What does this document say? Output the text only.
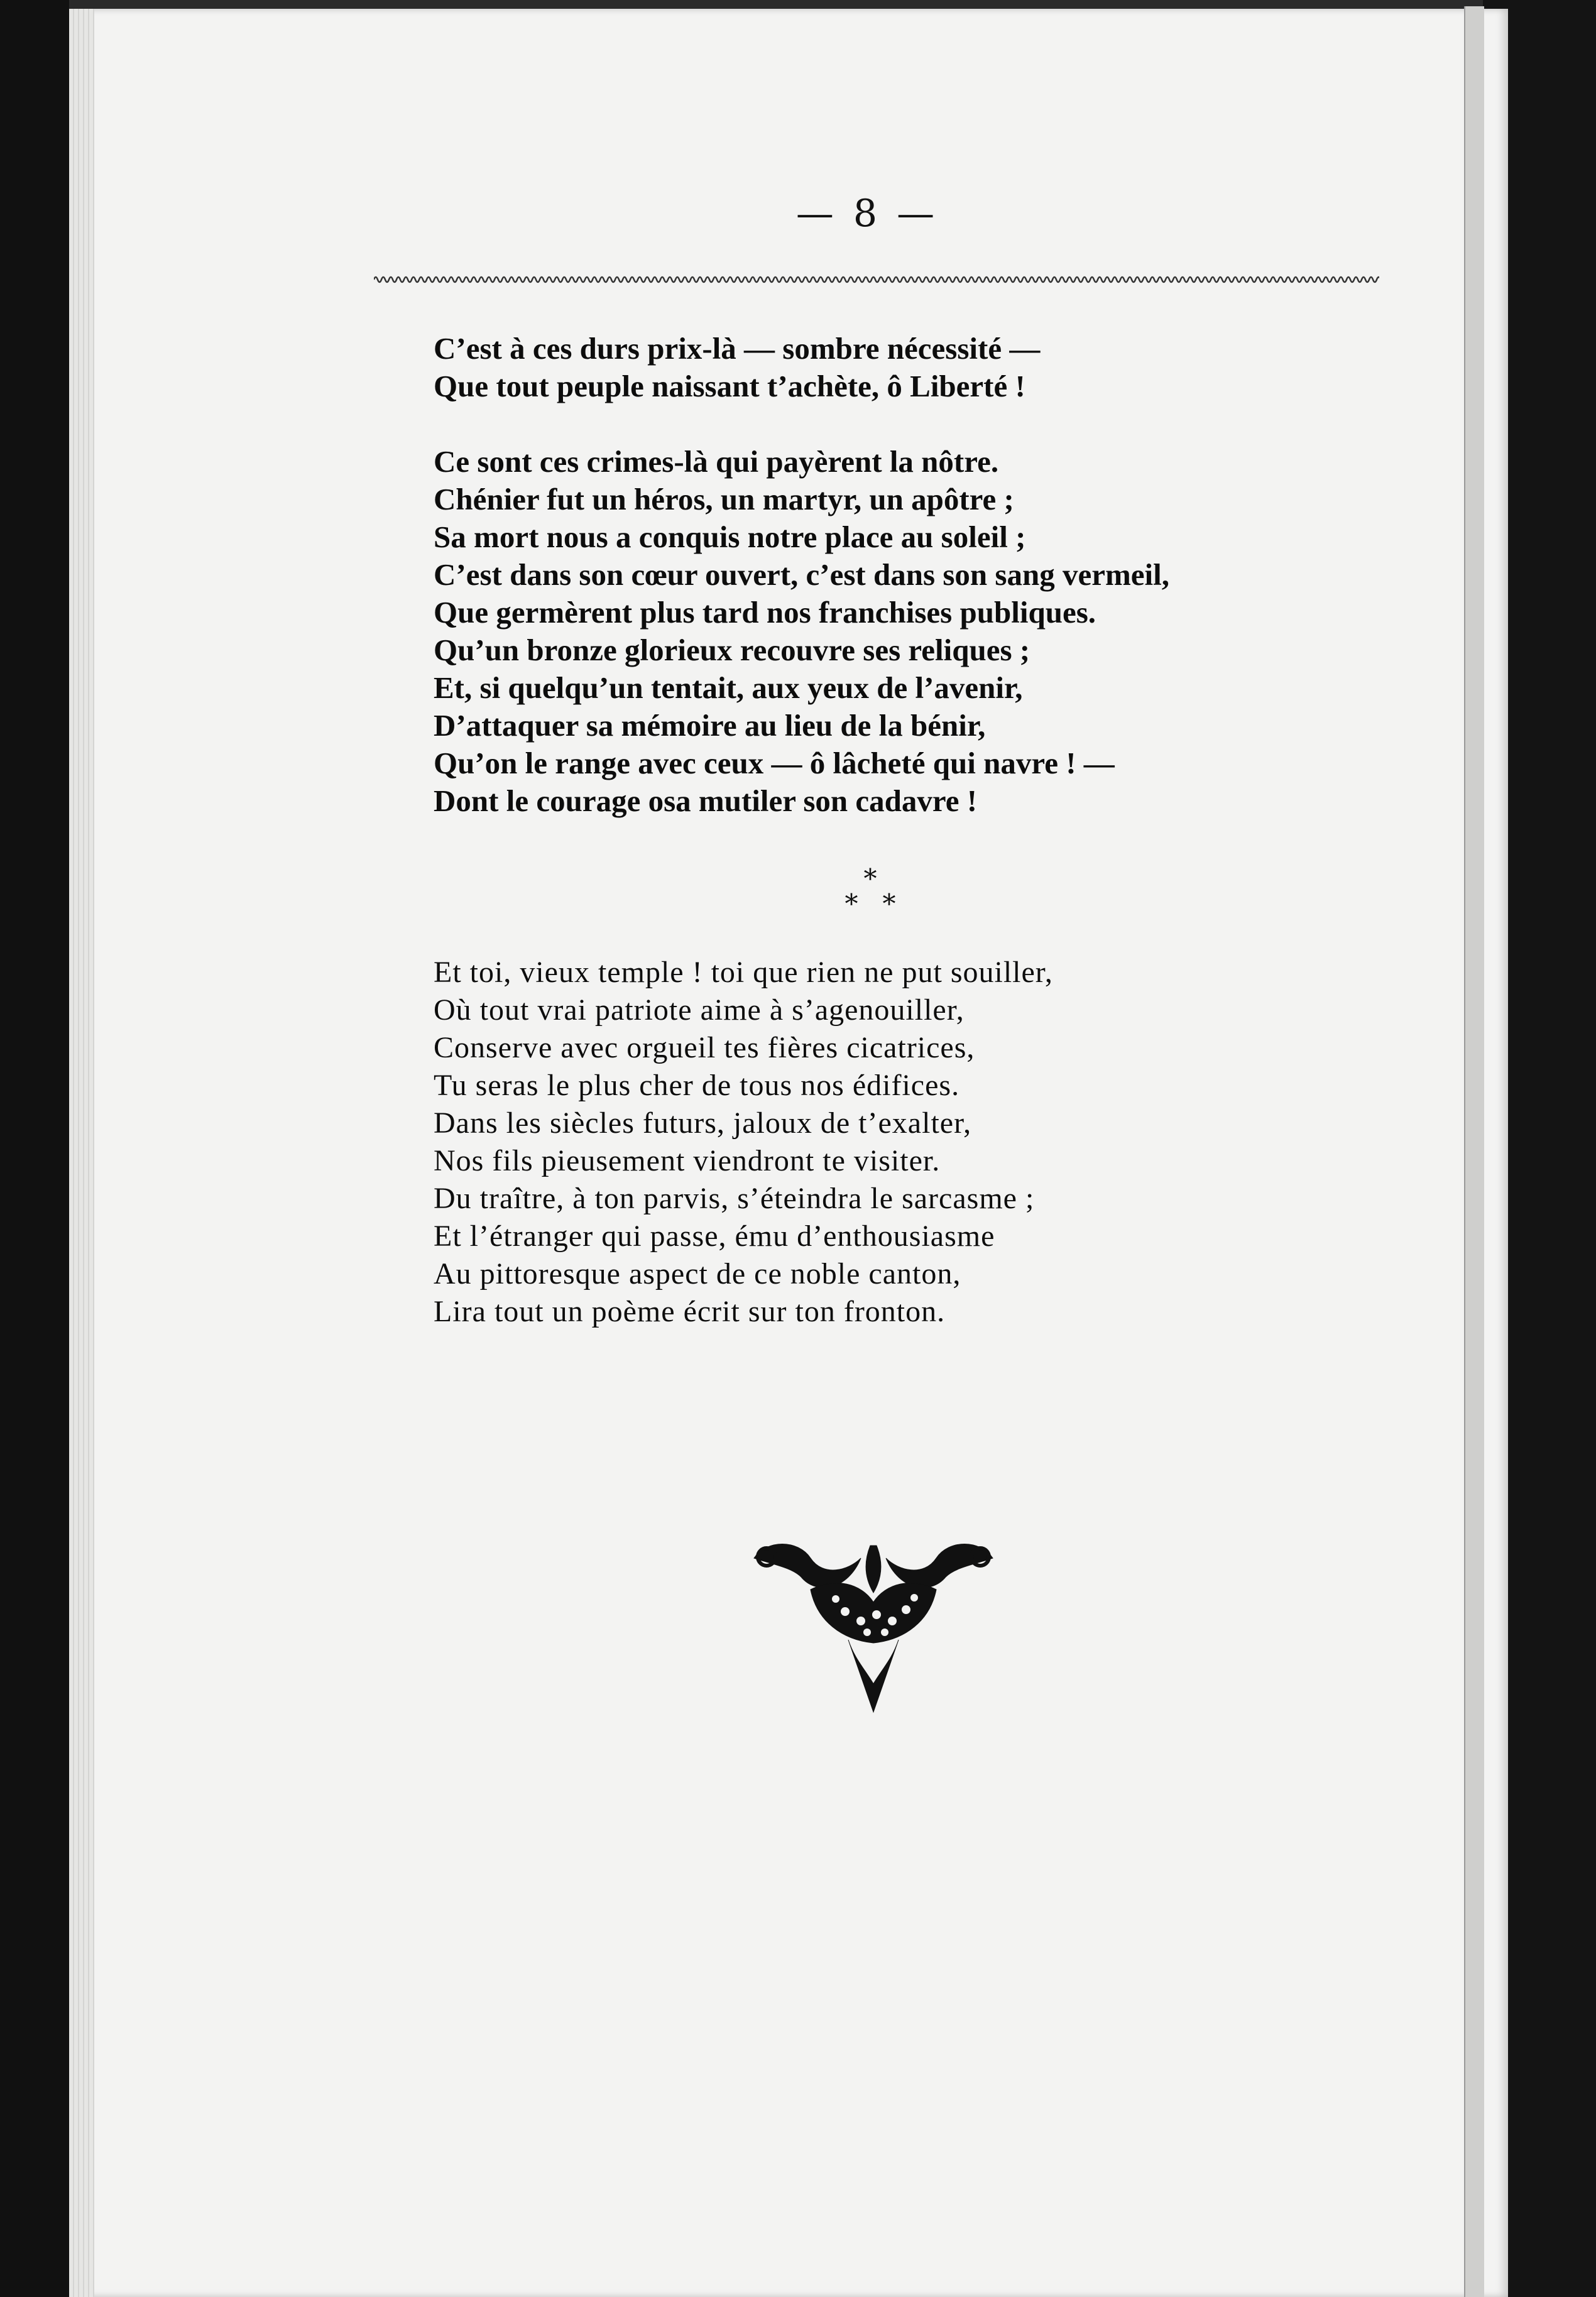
— 8 —
C’est à ces durs prix-là — sombre nécessité —
Que tout peuple naissant t’achète, ô Liberté !
Ce sont ces crimes-là qui payèrent la nôtre.
Chénier fut un héros, un martyr, un apôtre ;
Sa mort nous a conquis notre place au soleil ;
C’est dans son cœur ouvert, c’est dans son sang vermeil,
Que germèrent plus tard nos franchises publiques.
Qu’un bronze glorieux recouvre ses reliques ;
Et, si quelqu’un tentait, aux yeux de l’avenir,
D’attaquer sa mémoire au lieu de la bénir,
Qu’on le range avec ceux — ô lâcheté qui navre ! —
Dont le courage osa mutiler son cadavre !
*
* *
Et toi, vieux temple ! toi que rien ne put souiller,
Où tout vrai patriote aime à s’agenouiller,
Conserve avec orgueil tes fières cicatrices,
Tu seras le plus cher de tous nos édifices.
Dans les siècles futurs, jaloux de t’exalter,
Nos fils pieusement viendront te visiter.
Du traître, à ton parvis, s’éteindra le sarcasme ;
Et l’étranger qui passe, ému d’enthousiasme
Au pittoresque aspect de ce noble canton,
Lira tout un poème écrit sur ton fronton.
